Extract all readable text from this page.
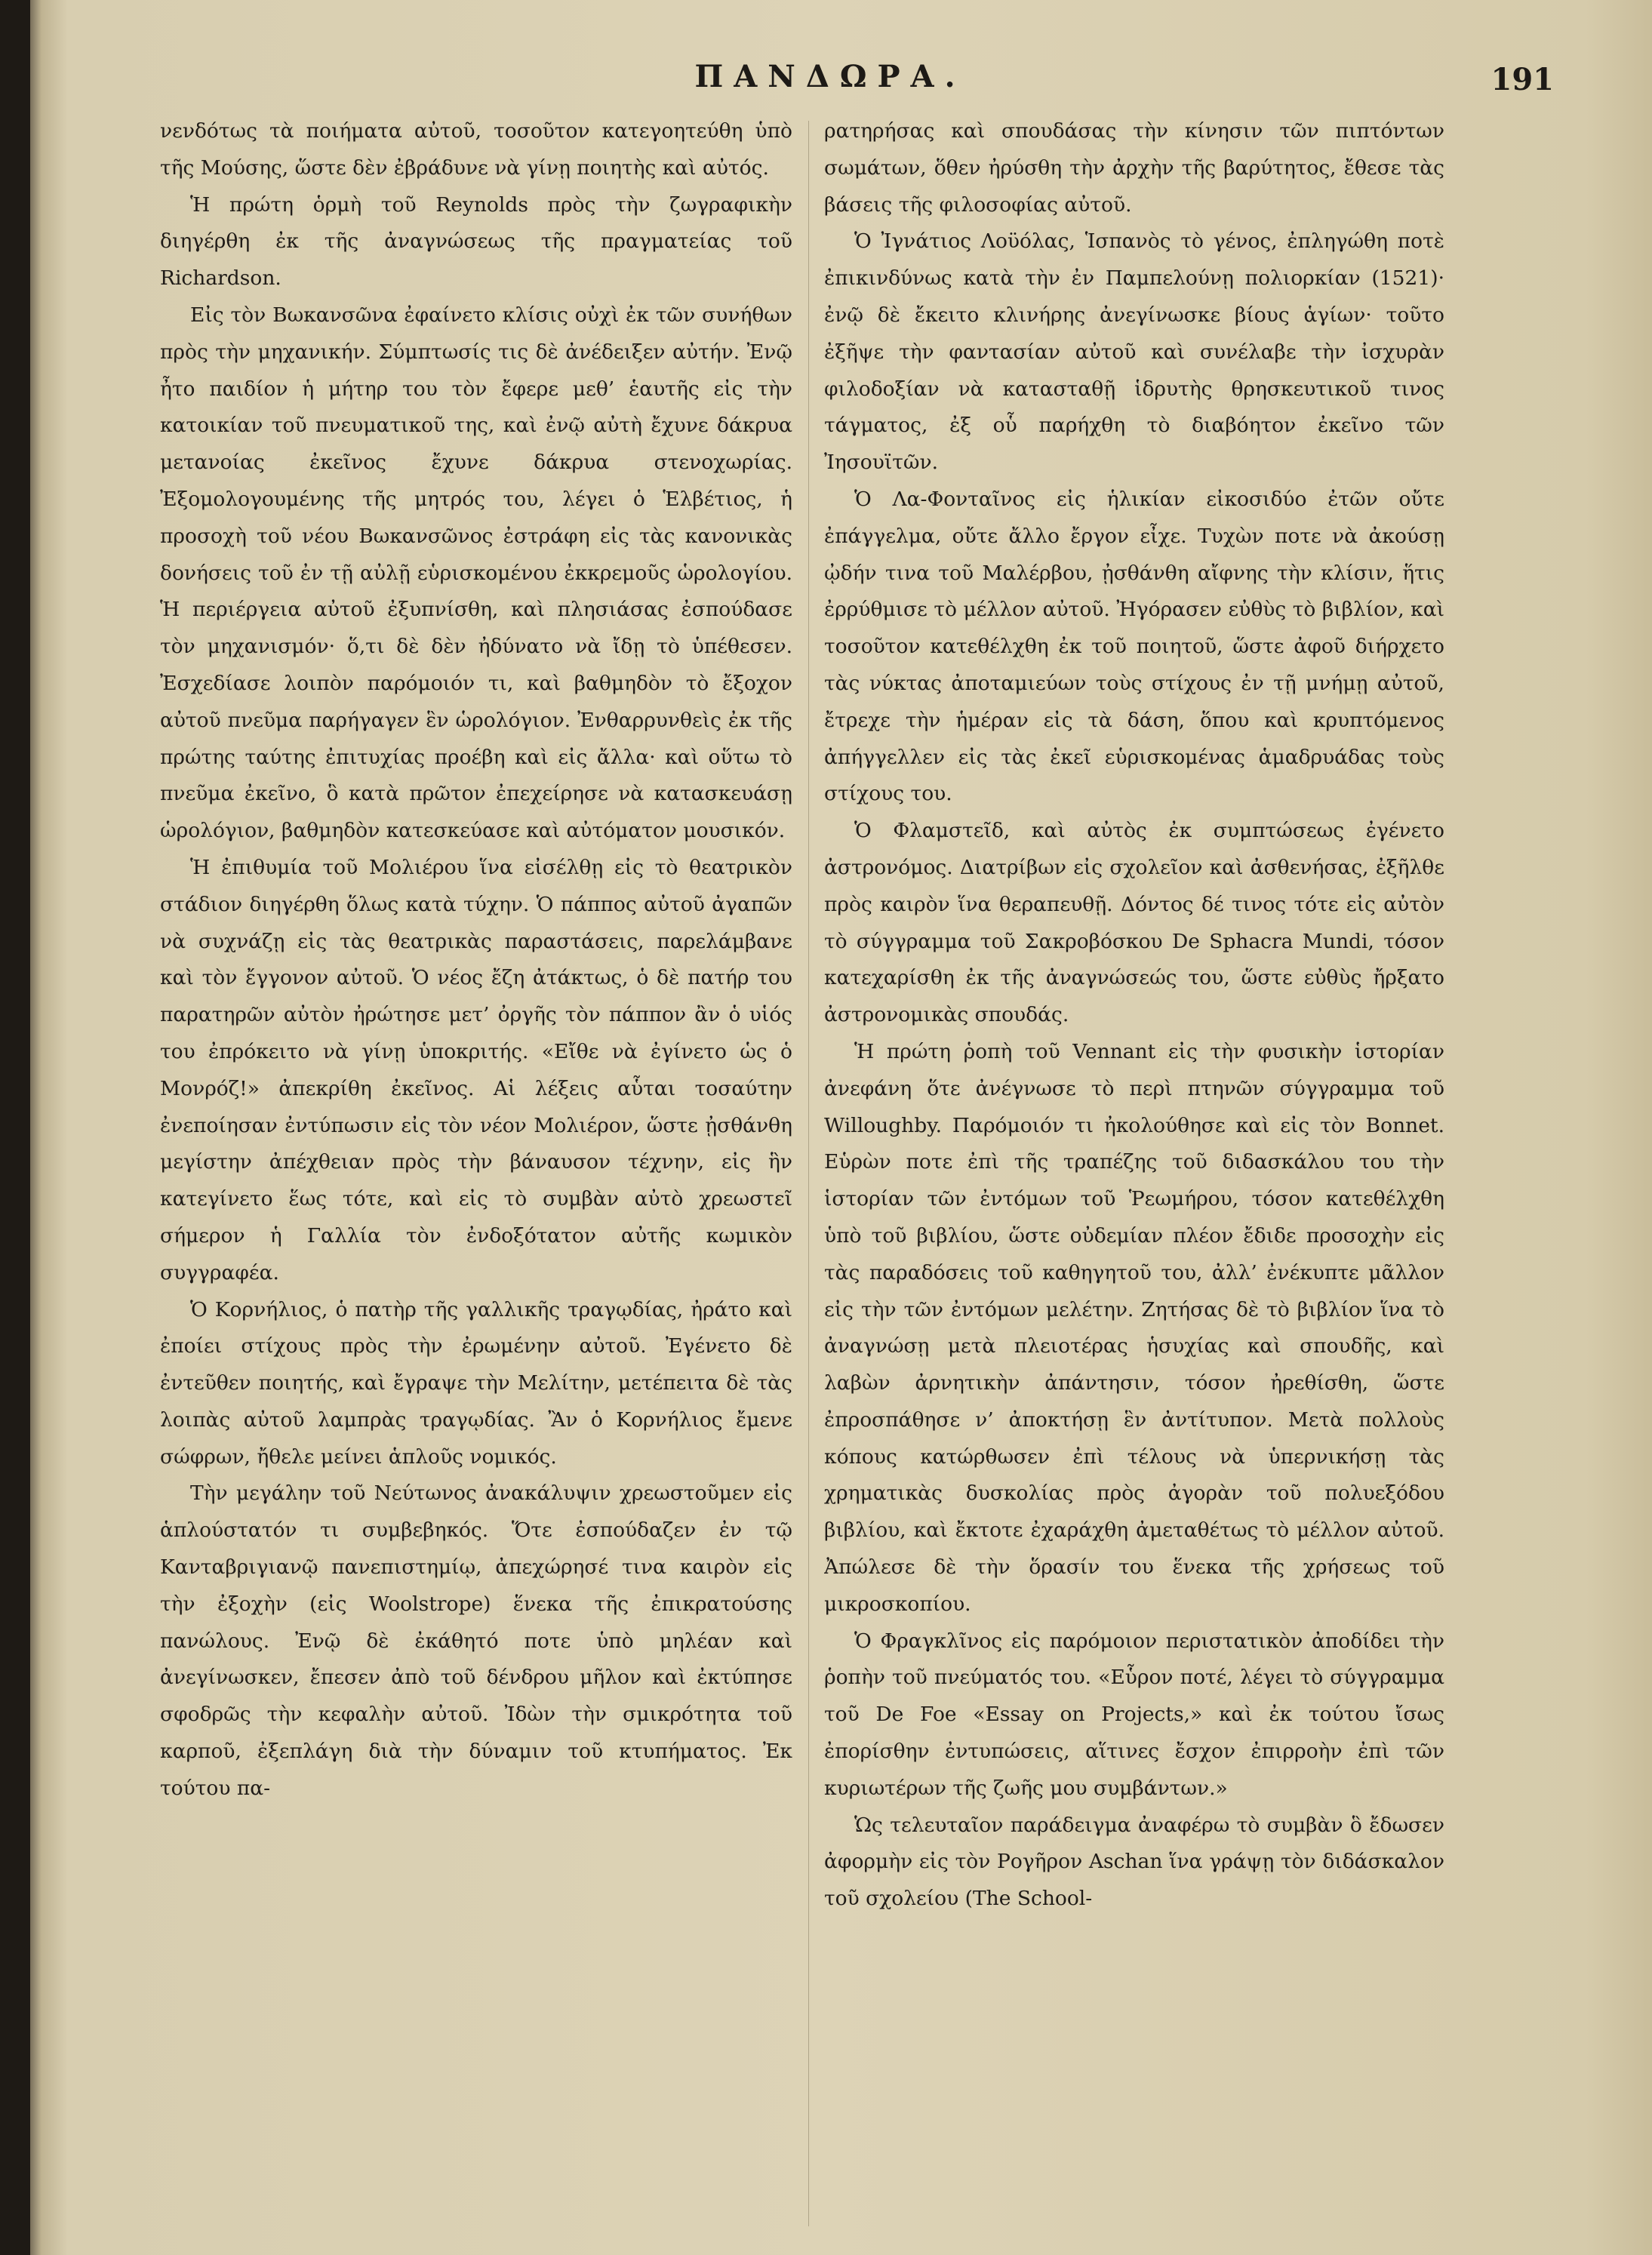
ΠΑΝΔΩΡΑ.	191

νενδότως τὰ ποιήματα αὐτοῦ, τοσοῦτον κατεγοητεύθη ὑπὸ τῆς Μούσης, ὥστε δὲν ἐβράδυνε νὰ γίνῃ ποιητὴς καὶ αὐτός.

Ἡ πρώτη ὁρμὴ τοῦ Reynolds πρὸς τὴν ζωγραφικὴν διηγέρθη ἐκ τῆς ἀναγνώσεως τῆς πραγματείας τοῦ Richardson.

Εἰς τὸν Βωκανσῶνα ἐφαίνετο κλίσις οὐχὶ ἐκ τῶν συνήθων πρὸς τὴν μηχανικήν. Σύμπτωσίς τις δὲ ἀνέδειξεν αὐτήν. Ἐνῷ ἦτο παιδίον ἡ μήτηρ του τὸν ἔφερε μεθ’ ἑαυτῆς εἰς τὴν κατοικίαν τοῦ πνευματικοῦ της, καὶ ἐνῷ αὐτὴ ἔχυνε δάκρυα μετανοίας ἐκεῖνος ἔχυνε δάκρυα στενοχωρίας. Ἐξομολογουμένης τῆς μητρός του, λέγει ὁ Ἑλβέτιος, ἡ προσοχὴ τοῦ νέου Βωκανσῶνος ἐστράφη εἰς τὰς κανονικὰς δονήσεις τοῦ ἐν τῇ αὐλῇ εὑρισκομένου ἐκκρεμοῦς ὡρολογίου. Ἡ περιέργεια αὐτοῦ ἐξυπνίσθη, καὶ πλησιάσας ἐσπούδασε τὸν μηχανισμόν· ὅ,τι δὲ δὲν ἠδύνατο νὰ ἴδῃ τὸ ὑπέθεσεν. Ἐσχεδίασε λοιπὸν παρόμοιόν τι, καὶ βαθμηδὸν τὸ ἔξοχον αὐτοῦ πνεῦμα παρήγαγεν ἓν ὡρολόγιον. Ἐνθαρρυνθεὶς ἐκ τῆς πρώτης ταύτης ἐπιτυχίας προέβη καὶ εἰς ἄλλα· καὶ οὕτω τὸ πνεῦμα ἐκεῖνο, ὃ κατὰ πρῶτον ἐπεχείρησε νὰ κατασκευάσῃ ὡρολόγιον, βαθμηδὸν κατεσκεύασε καὶ αὐτόματον μουσικόν.

Ἡ ἐπιθυμία τοῦ Μολιέρου ἵνα εἰσέλθῃ εἰς τὸ θεατρικὸν στάδιον διηγέρθη ὅλως κατὰ τύχην. Ὁ πάππος αὐτοῦ ἀγαπῶν νὰ συχνάζῃ εἰς τὰς θεατρικὰς παραστάσεις, παρελάμβανε καὶ τὸν ἔγγονον αὐτοῦ. Ὁ νέος ἔζη ἀτάκτως, ὁ δὲ πατήρ του παρατηρῶν αὐτὸν ἠρώτησε μετ’ ὀργῆς τὸν πάππον ἂν ὁ υἱός του ἐπρόκειτο νὰ γίνῃ ὑποκριτής. «Εἴθε νὰ ἐγίνετο ὡς ὁ Μονρόζ!» ἀπεκρίθη ἐκεῖνος. Αἱ λέξεις αὗται τοσαύτην ἐνεποίησαν ἐντύπωσιν εἰς τὸν νέον Μολιέρον, ὥστε ᾐσθάνθη μεγίστην ἀπέχθειαν πρὸς τὴν βάναυσον τέχνην, εἰς ἣν κατεγίνετο ἕως τότε, καὶ εἰς τὸ συμβὰν αὐτὸ χρεωστεῖ σήμερον ἡ Γαλλία τὸν ἐνδοξότατον αὐτῆς κωμικὸν συγγραφέα.

Ὁ Κορνήλιος, ὁ πατὴρ τῆς γαλλικῆς τραγῳδίας, ἠράτο καὶ ἐποίει στίχους πρὸς τὴν ἐρωμένην αὐτοῦ. Ἐγένετο δὲ ἐντεῦθεν ποιητής, καὶ ἔγραψε τὴν Μελίτην, μετέπειτα δὲ τὰς λοιπὰς αὐτοῦ λαμπρὰς τραγῳδίας. Ἂν ὁ Κορνήλιος ἔμενε σώφρων, ἤθελε μείνει ἁπλοῦς νομικός.

Τὴν μεγάλην τοῦ Νεύτωνος ἀνακάλυψιν χρεωστοῦμεν εἰς ἁπλούστατόν τι συμβεβηκός. Ὅτε ἐσπούδαζεν ἐν τῷ Κανταβριγιανῷ πανεπιστημίῳ, ἀπεχώρησέ τινα καιρὸν εἰς τὴν ἐξοχὴν (εἰς Woolstrope) ἕνεκα τῆς ἐπικρατούσης πανώλους. Ἐνῷ δὲ ἐκάθητό ποτε ὑπὸ μηλέαν καὶ ἀνεγίνωσκεν, ἔπεσεν ἀπὸ τοῦ δένδρου μῆλον καὶ ἐκτύπησε σφοδρῶς τὴν κεφαλὴν αὐτοῦ. Ἰδὼν τὴν σμικρότητα τοῦ καρποῦ, ἐξεπλάγη διὰ τὴν δύναμιν τοῦ κτυπήματος. Ἐκ τούτου πα-

ρατηρήσας καὶ σπουδάσας τὴν κίνησιν τῶν πιπτόντων σωμάτων, ὅθεν ἠρύσθη τὴν ἀρχὴν τῆς βαρύτητος, ἔθεσε τὰς βάσεις τῆς φιλοσοφίας αὐτοῦ.

Ὁ Ἰγνάτιος Λοϋόλας, Ἱσπανὸς τὸ γένος, ἐπληγώθη ποτὲ ἐπικινδύνως κατὰ τὴν ἐν Παμπελούνῃ πολιορκίαν (1521)· ἐνῷ δὲ ἔκειτο κλινήρης ἀνεγίνωσκε βίους ἁγίων· τοῦτο ἐξῆψε τὴν φαντασίαν αὐτοῦ καὶ συνέλαβε τὴν ἰσχυρὰν φιλοδοξίαν νὰ κατασταθῇ ἱδρυτὴς θρησκευτικοῦ τινος τάγματος, ἐξ οὗ παρήχθη τὸ διαβόητον ἐκεῖνο τῶν Ἰησουϊτῶν.

Ὁ Λα-Φονταῖνος εἰς ἡλικίαν εἰκοσιδύο ἐτῶν οὔτε ἐπάγγελμα, οὔτε ἄλλο ἔργον εἶχε. Τυχὼν ποτε νὰ ἀκούσῃ ᾠδήν τινα τοῦ Μαλέρβου, ᾐσθάνθη αἴφνης τὴν κλίσιν, ἥτις ἐρρύθμισε τὸ μέλλον αὐτοῦ. Ἠγόρασεν εὐθὺς τὸ βιβλίον, καὶ τοσοῦτον κατεθέλχθη ἐκ τοῦ ποιητοῦ, ὥστε ἀφοῦ διήρχετο τὰς νύκτας ἀποταμιεύων τοὺς στίχους ἐν τῇ μνήμῃ αὐτοῦ, ἔτρεχε τὴν ἡμέραν εἰς τὰ δάση, ὅπου καὶ κρυπτόμενος ἀπήγγελλεν εἰς τὰς ἐκεῖ εὑρισκομένας ἁμαδρυάδας τοὺς στίχους του.

Ὁ Φλαμστεῖδ, καὶ αὐτὸς ἐκ συμπτώσεως ἐγένετο ἀστρονόμος. Διατρίβων εἰς σχολεῖον καὶ ἀσθενήσας, ἐξῆλθε πρὸς καιρὸν ἵνα θεραπευθῇ. Δόντος δέ τινος τότε εἰς αὐτὸν τὸ σύγγραμμα τοῦ Σακροβόσκου De Sphacra Mundi, τόσον κατεχαρίσθη ἐκ τῆς ἀναγνώσεώς του, ὥστε εὐθὺς ἤρξατο ἀστρονομικὰς σπουδάς.

Ἡ πρώτη ῥοπὴ τοῦ Vennant εἰς τὴν φυσικὴν ἱστορίαν ἀνεφάνη ὅτε ἀνέγνωσε τὸ περὶ πτηνῶν σύγγραμμα τοῦ Willoughby. Παρόμοιόν τι ἠκολούθησε καὶ εἰς τὸν Bonnet. Εὑρὼν ποτε ἐπὶ τῆς τραπέζης τοῦ διδασκάλου του τὴν ἱστορίαν τῶν ἐντόμων τοῦ Ῥεωμήρου, τόσον κατεθέλχθη ὑπὸ τοῦ βιβλίου, ὥστε οὐδεμίαν πλέον ἔδιδε προσοχὴν εἰς τὰς παραδόσεις τοῦ καθηγητοῦ του, ἀλλ’ ἐνέκυπτε μᾶλλον εἰς τὴν τῶν ἐντόμων μελέτην. Ζητήσας δὲ τὸ βιβλίον ἵνα τὸ ἀναγνώσῃ μετὰ πλειοτέρας ἡσυχίας καὶ σπουδῆς, καὶ λαβὼν ἀρνητικὴν ἀπάντησιν, τόσον ἠρεθίσθη, ὥστε ἐπροσπάθησε ν’ ἀποκτήσῃ ἓν ἀντίτυπον. Μετὰ πολλοὺς κόπους κατώρθωσεν ἐπὶ τέλους νὰ ὑπερνικήσῃ τὰς χρηματικὰς δυσκολίας πρὸς ἀγορὰν τοῦ πολυεξόδου βιβλίου, καὶ ἔκτοτε ἐχαράχθη ἀμεταθέτως τὸ μέλλον αὐτοῦ. Ἀπώλεσε δὲ τὴν ὅρασίν του ἕνεκα τῆς χρήσεως τοῦ μικροσκοπίου.

Ὁ Φραγκλῖνος εἰς παρόμοιον περιστατικὸν ἀποδίδει τὴν ῥοπὴν τοῦ πνεύματός του. «Εὗρον ποτέ, λέγει τὸ σύγγραμμα τοῦ De Foe «Essay on Projects,» καὶ ἐκ τούτου ἴσως ἐπορίσθην ἐντυπώσεις, αἵτινες ἔσχον ἐπιρροὴν ἐπὶ τῶν κυριωτέρων τῆς ζωῆς μου συμβάντων.»

Ὡς τελευταῖον παράδειγμα ἀναφέρω τὸ συμβὰν ὃ ἔδωσεν ἀφορμὴν εἰς τὸν Ρογῆρον Aschan ἵνα γράψῃ τὸν διδάσκαλον τοῦ σχολείου (The School-
